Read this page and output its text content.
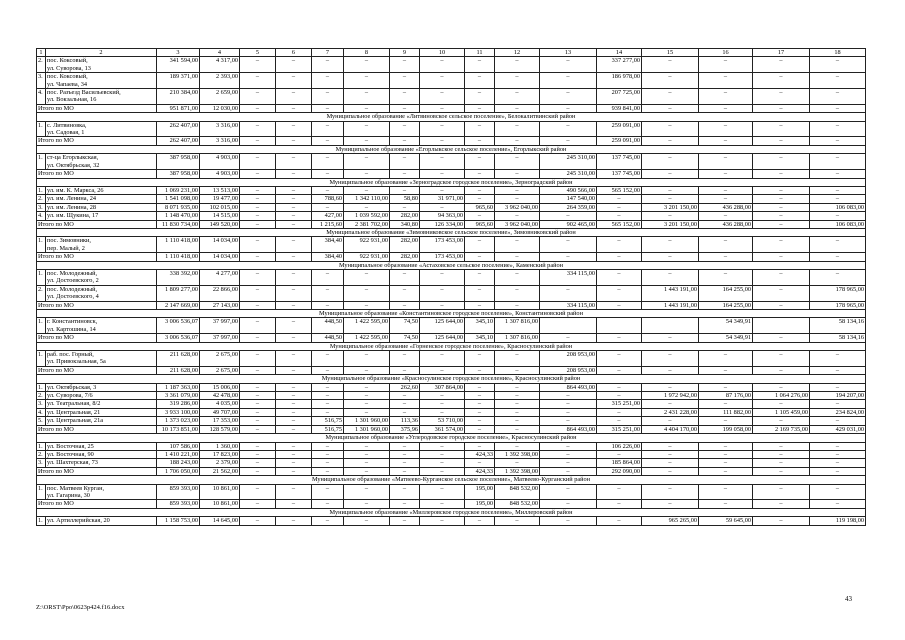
1	2	3	4	5	6	7	8	9	10	11	12	13	14	15	16	17	18
2.	пос. Коксовый,
ул. Суворова, 13	341 594,00	4 317,00	–	–	–	–	–	–	–	–	–	337 277,00	–	–	–	–
3.	пос. Коксовый,
ул. Чапаева, 34	189 371,00	2 393,00	–	–	–	–	–	–	–	–	–	186 978,00	–	–	–	–
4.	пос. Разъезд Васильевский,
ул. Вокзальная, 16	210 384,00	2 659,00	–	–	–	–	–	–	–	–	–	207 725,00	–	–	–	–
Итого по МО		951 871,00	12 030,00	–	–	–	–	–	–	–	–	–	939 841,00	–	–	–	–
Муниципальное образование «Литвиновское сельское поселение», Белокалитвинский район																	
1.	с. Литвиновка,
ул. Садовая, 1	262 407,00	3 316,00	–	–	–	–	–	–	–	–	–	259 091,00	–	–	–	–
Итого по МО		262 407,00	3 316,00	–	–	–	–	–	–	–	–	–	259 091,00	–	–	–	–
Муниципальное образование «Егорлыкское сельское поселение», Егорлыкский район																	
1.	ст-ца Егорлыкская,
ул. Октябрьская, 32	387 958,00	4 903,00	–	–	–	–	–	–	–	–	245 310,00	137 745,00	–	–	–	–
Итого по МО		387 958,00	4 903,00	–	–	–	–	–	–	–	–	245 310,00	137 745,00	–	–	–	–
Муниципальное образование «Зерноградское городское поселение», Зерноградский район																	
1.	ул. им. К. Маркса, 26	1 069 231,00	13 513,00	–	–	–	–	–	–	–	–	490 566,00	565 152,00	–	–	–	–
2.	ул. им. Ленина, 24	1 541 098,00	19 477,00	–	–	788,60	1 342 110,00	58,80	31 971,00	–	–	147 540,00	–	–	–	–	–
3.	ул. им. Ленина, 28	8 071 935,00	102 015,00	–	–	–	–	–	–	965,60	3 962 040,00	264 359,00	–	3 201 150,00	436 288,00	–	106 083,00
4.	ул. им. Щукина, 17	1 148 470,00	14 515,00	–	–	427,00	1 039 592,00	282,00	94 363,00	–	–	–	–	–	–	–	–
Итого по МО		11 830 734,00	149 520,00	–	–	1 215,60	2 381 702,00	340,80	126 334,00	965,60	3 962 040,00	902 465,00	565 152,00	3 201 150,00	436 288,00	–	106 083,00
Муниципальное образование «Зимовниковское сельское поселение», Зимовниковский район																	
1.	пос. Зимовники,
пер. Малый, 2	1 110 418,00	14 034,00	–	–	384,40	922 931,00	282,00	173 453,00	–	–	–	–	–	–	–	–
Итого по МО		1 110 418,00	14 034,00	–	–	384,40	922 931,00	282,00	173 453,00	–	–	–	–	–	–	–	–
Муниципальное образование «Астаховское сельское поселение», Каменский район																	
1.	пос. Молодежный,
ул. Достоевского, 2	338 392,00	4 277,00	–	–	–	–	–	–	–	–	334 115,00	–	–	–	–	–
2.	пос. Молодежный,
ул. Достоевского, 4	1 809 277,00	22 866,00	–	–	–	–	–	–	–	–	–	–	1 443 191,00	164 255,00	–	178 965,00
Итого по МО		2 147 669,00	27 143,00	–	–	–	–	–	–	–	–	334 115,00	–	1 443 191,00	164 255,00	–	178 965,00
Муниципальное образование «Константиновское городское поселение», Константиновский район																	
1.	г. Константиновск,
ул. Картошина, 14	3 006 536,07	37 997,00	–	–	448,50	1 422 595,00	74,50	125 644,00	345,10	1 307 816,00				54 349,91		58 134,16
Итого по МО		3 006 536,07	37 997,00	–	–	448,50	1 422 595,00	74,50	125 644,00	345,10	1 307 816,00	–	–	–	54 349,91	–	58 134,16
Муниципальное образование «Горненское городское поселение», Красносулинский район																	
1.	раб. пос. Горный,
ул. Привокзальная, 5а	211 628,00	2 675,00	–	–	–	–	–	–	–	–	208 953,00	–	–	–	–	–
Итого по МО		211 628,00	2 675,00	–	–	–	–	–	–	–	–	208 953,00	–	–	–	–	–
Муниципальное образование «Красносулинское городское поселение», Красносулинский район																	
1.	ул. Октябрьская, 3	1 187 363,00	15 006,00	–	–	–	–	262,60	307 864,00	–	–	864 493,00	–	–	–	–	–
2.	ул. Суворова, 7/6	3 361 079,00	42 478,00	–	–	–	–	–	–	–	–	–	–	1 972 942,00	87 176,00	1 064 276,00	194 207,00
3.	ул. Театральная, 8/2	319 286,00	4 035,00	–	–	–	–	–	–	–	–	–	315 251,00	–	–	–	–
4.	ул. Центральная, 21	3 933 100,00	49 707,00	–	–	–	–	–	–	–	–	–	–	2 431 228,00	111 882,00	1 105 459,00	234 824,00
5.	ул. Центральная, 21а	1 373 023,00	17 353,00	–	–	516,75	1 301 960,00	113,36	53 710,00	–	–	–	–	–	–	–	–
Итого по МО		10 173 851,00	128 579,00	–	–	516,75	1 301 960,00	375,96	361 574,00	–	–	864 493,00	315 251,00	4 404 170,00	199 058,00	2 169 735,00	429 031,00
Муниципальное образование «Углеродовское городское поселение», Красносулинский район																	
1.	ул. Восточная, 25	107 586,00	1 360,00	–	–	–	–	–	–	–	–	–	106 226,00	–	–	–	–
2.	ул. Восточная, 90	1 410 221,00	17 823,00	–	–	–	–	–	–	424,33	1 392 398,00	–	–	–	–	–	–
3.	ул. Шахтерская, 73	188 243,00	2 379,00	–	–	–	–	–	–	–	–	–	185 864,00	–	–	–	–
Итого по МО		1 706 050,00	21 562,00	–	–	–	–	–	–	424,33	1 392 398,00	–	292 090,00	–	–	–	–
Муниципальное образование «Матвеево-Курганское сельское поселение», Матвеево-Курганский район																	
1.	пос. Матвеев Курган,
ул. Гагарина, 30	859 393,00	10 861,00	–	–	–	–	–	–	195,00	848 532,00	–	–	–	–	–	–
Итого по МО		859 393,00	10 861,00	–	–	–	–	–	–	195,00	848 532,00	–	–	–	–	–	–
Муниципальное образование «Миллеровское городское поселение», Миллеровский район																	
1.	ул. Артиллерийская, 20	1 158 753,00	14 645,00	–	–	–	–	–	–	–	–	–	–	965 265,00	59 645,00	–	119 198,00
Z:\ORST\Ppo\0623p424.f16.docx
43
